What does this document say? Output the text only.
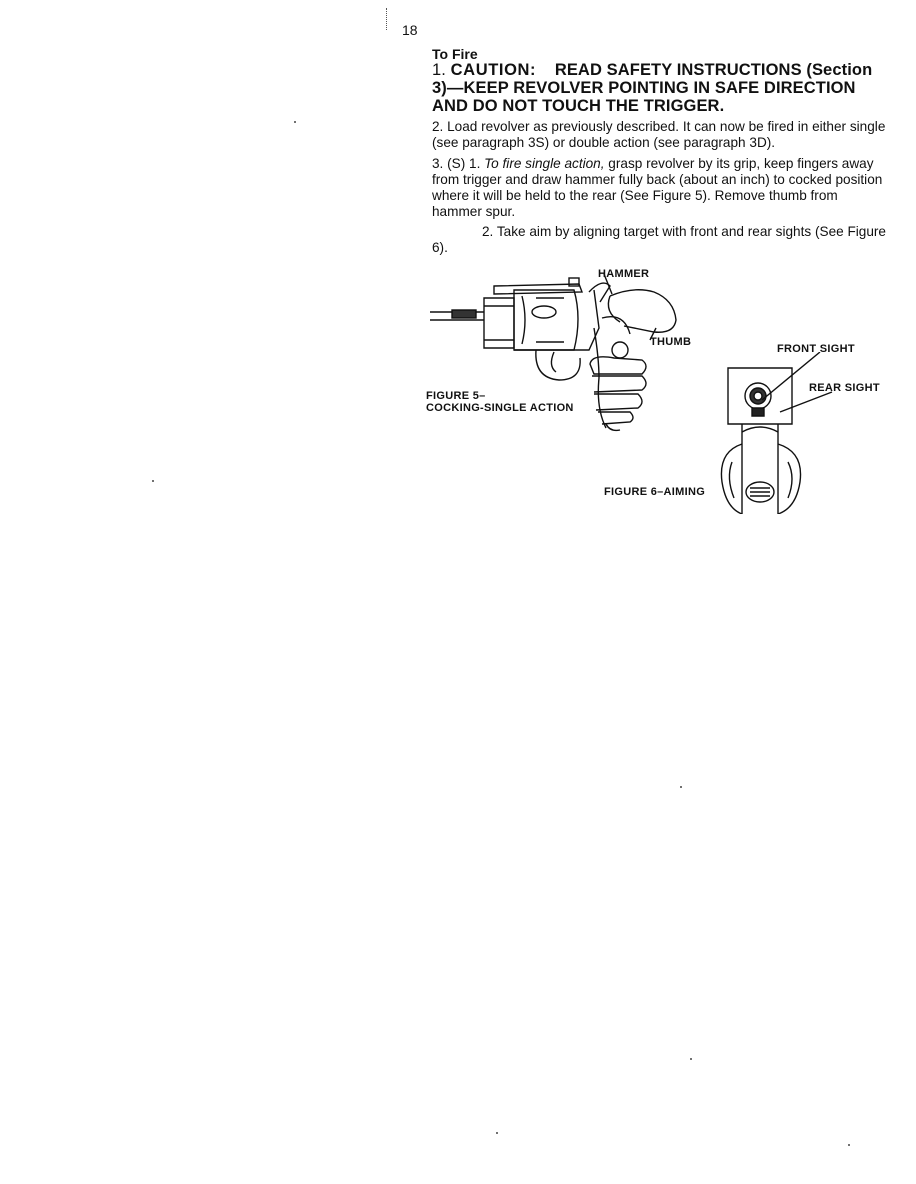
18
To Fire
1. CAUTION: READ SAFETY INSTRUCTIONS (Section 3)—KEEP REVOLVER POINTING IN SAFE DIRECTION AND DO NOT TOUCH THE TRIGGER.
2. Load revolver as previously described. It can now be fired in either single (see paragraph 3S) or double action (see paragraph 3D).
3. (S) 1. To fire single action, grasp revolver by its grip, keep fingers away from trigger and draw hammer fully back (about an inch) to cocked position where it will be held to the rear (See Figure 5). Remove thumb from hammer spur.
2. Take aim by aligning target with front and rear sights (See Figure 6).
HAMMER
THUMB
FIGURE 5–
COCKING-SINGLE ACTION
FRONT SIGHT
REAR SIGHT
FIGURE 6–AIMING
